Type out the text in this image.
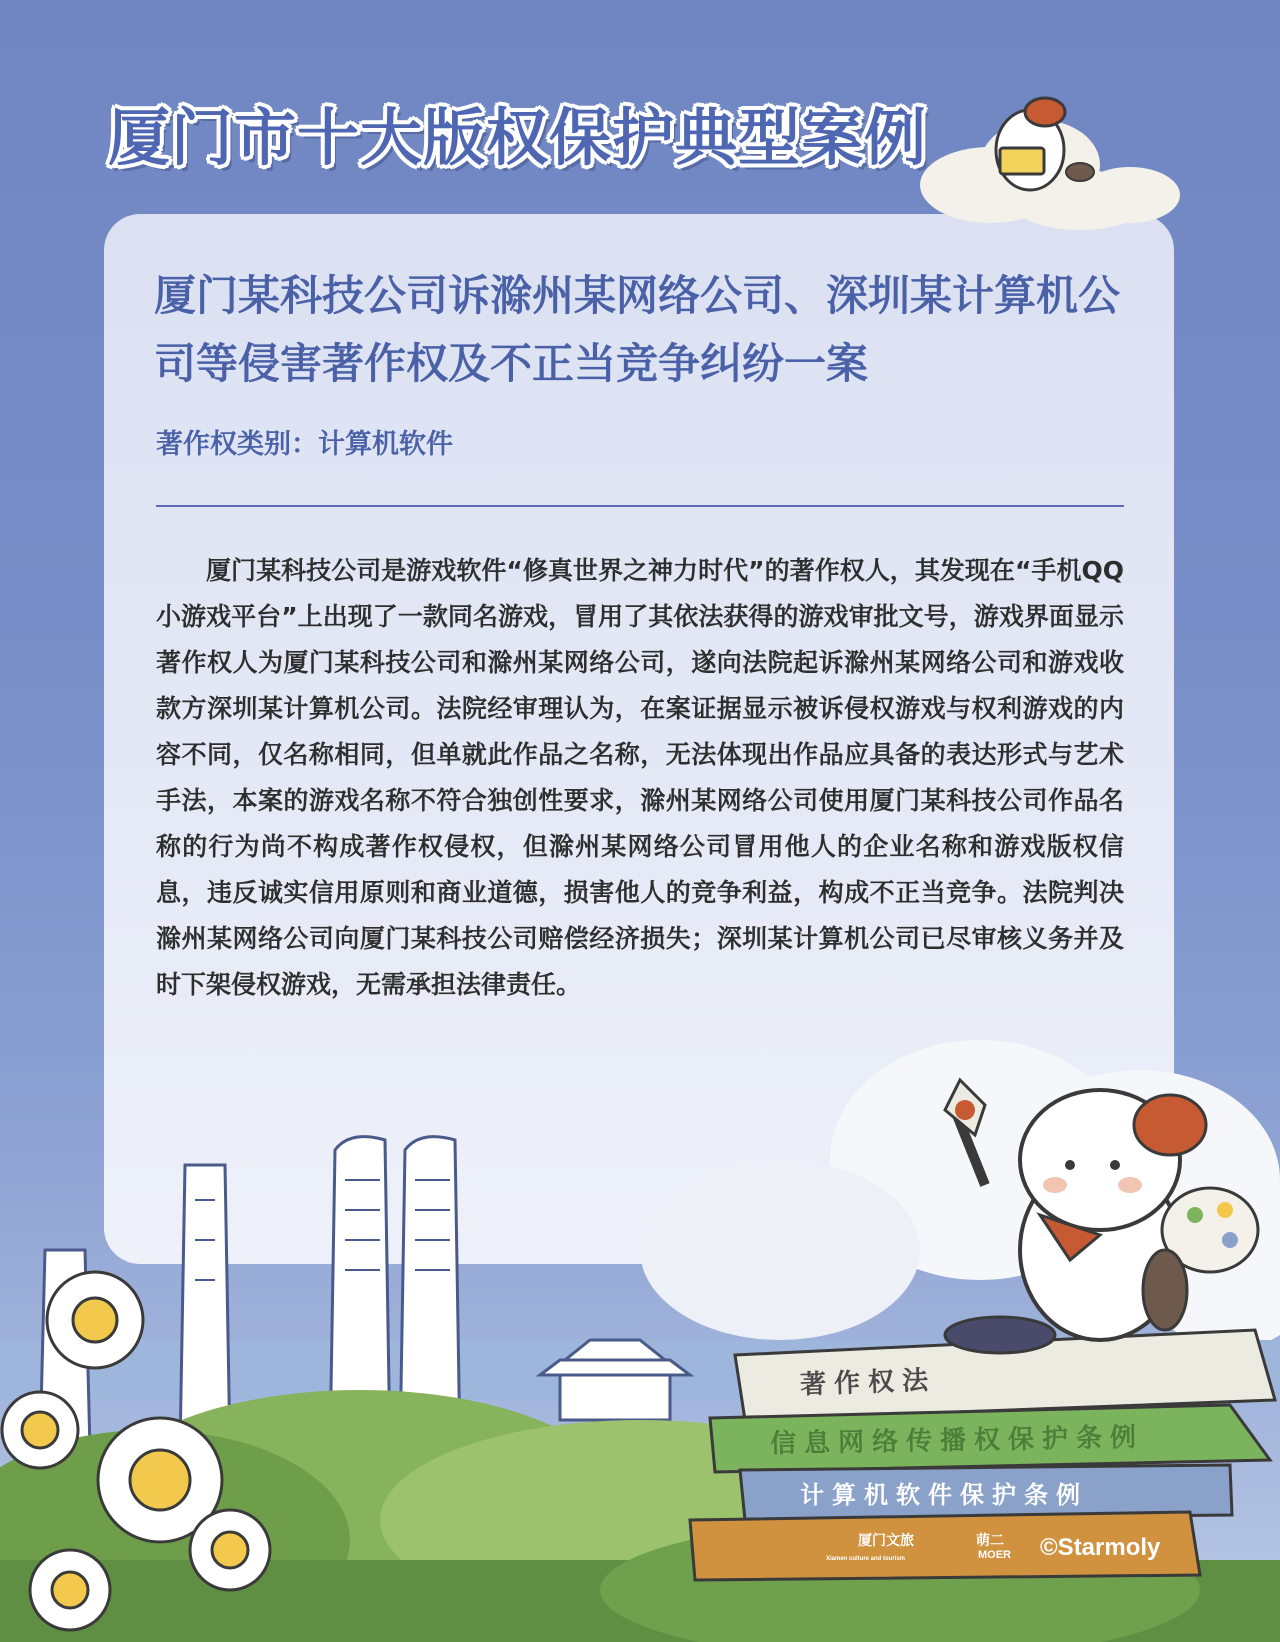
厦门市十大版权保护典型案例
厦门某科技公司诉滁州某网络公司、深圳某计算机公司等侵害著作权及不正当竞争纠纷一案
著作权类别：计算机软件
厦门某科技公司是游戏软件“修真世界之神力时代”的著作权人，其发现在“手机QQ小游戏平台”上出现了一款同名游戏，冒用了其依法获得的游戏审批文号，游戏界面显示著作权人为厦门某科技公司和滁州某网络公司，遂向法院起诉滁州某网络公司和游戏收款方深圳某计算机公司。法院经审理认为，在案证据显示被诉侵权游戏与权利游戏的内容不同，仅名称相同，但单就此作品之名称，无法体现出作品应具备的表达形式与艺术手法，本案的游戏名称不符合独创性要求，滁州某网络公司使用厦门某科技公司作品名称的行为尚不构成著作权侵权，但滁州某网络公司冒用他人的企业名称和游戏版权信息，违反诚实信用原则和商业道德，损害他人的竞争利益，构成不正当竞争。法院判决滁州某网络公司向厦门某科技公司赔偿经济损失；深圳某计算机公司已尽审核义务并及时下架侵权游戏，无需承担法律责任。
著作权法
信息网络传播权保护条例
计算机软件保护条例
厦门文旅
Xiamen culture and tourism
萌二
MOER ©Starmoly
